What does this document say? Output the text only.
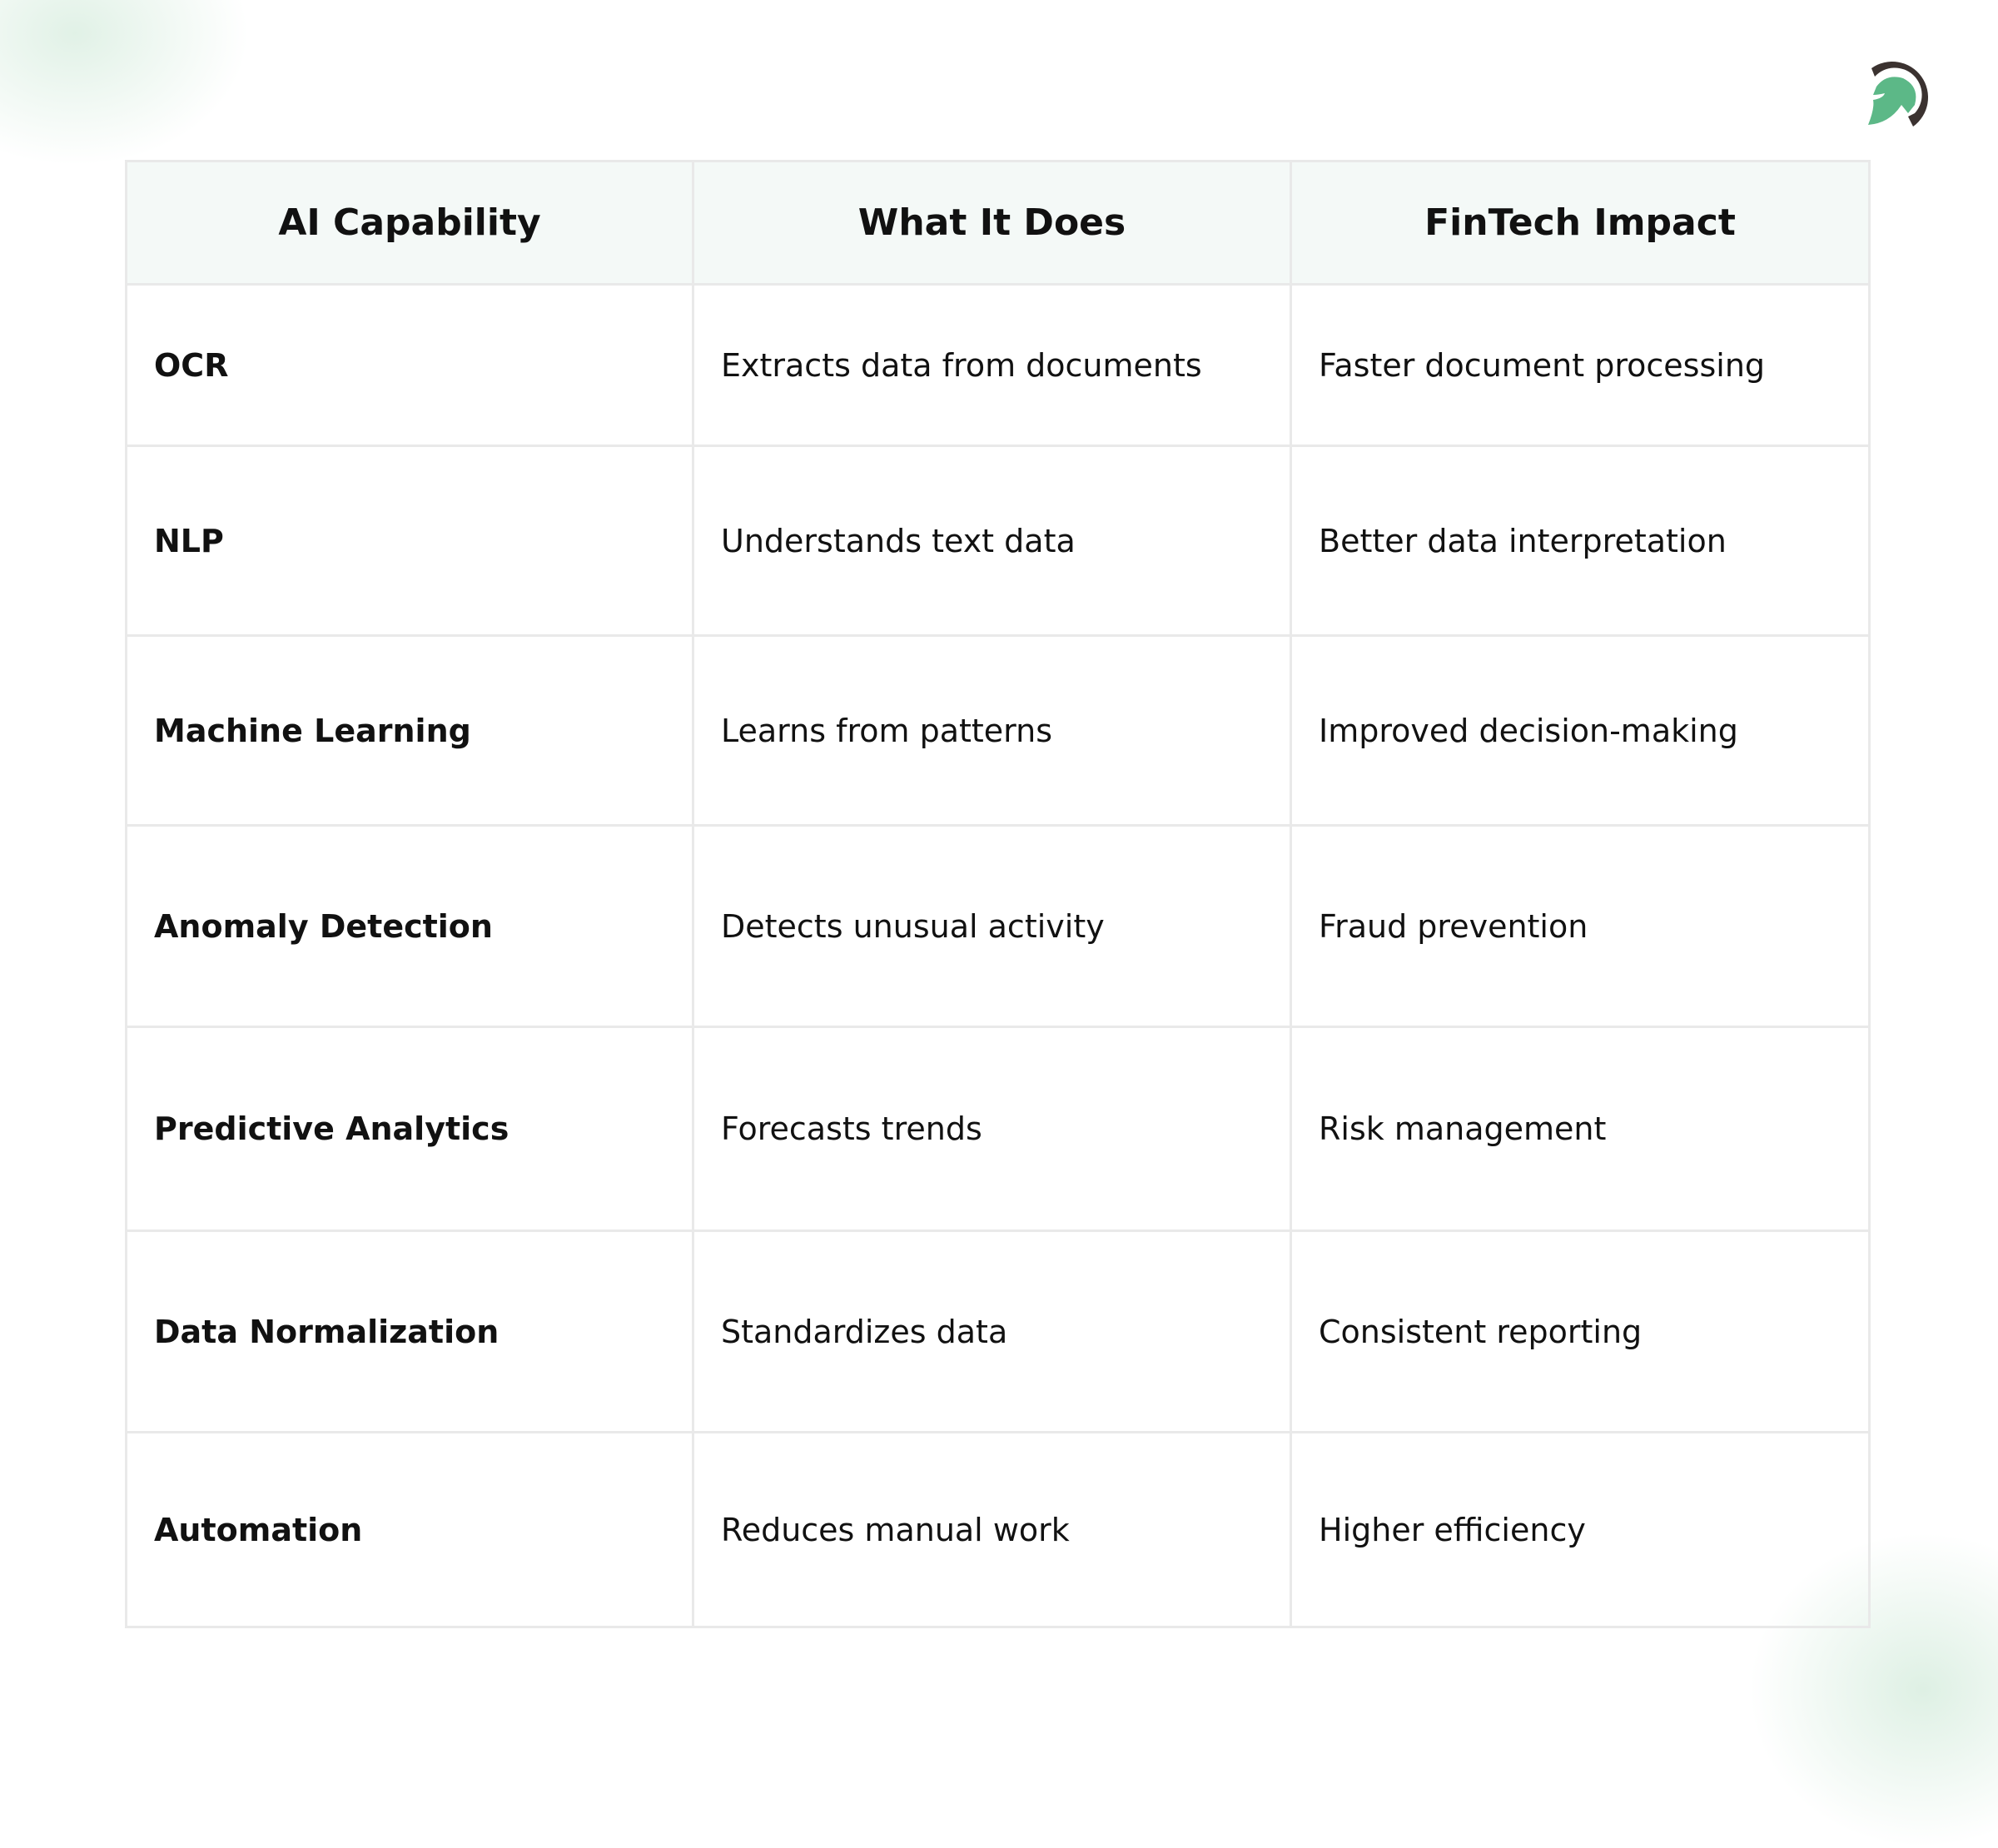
AI Capability	What It Does	FinTech Impact
OCR	Extracts data from documents	Faster document processing
NLP	Understands text data	Better data interpretation
Machine Learning	Learns from patterns	Improved decision-making
Anomaly Detection	Detects unusual activity	Fraud prevention
Predictive Analytics	Forecasts trends	Risk management
Data Normalization	Standardizes data	Consistent reporting
Automation	Reduces manual work	Higher efficiency
